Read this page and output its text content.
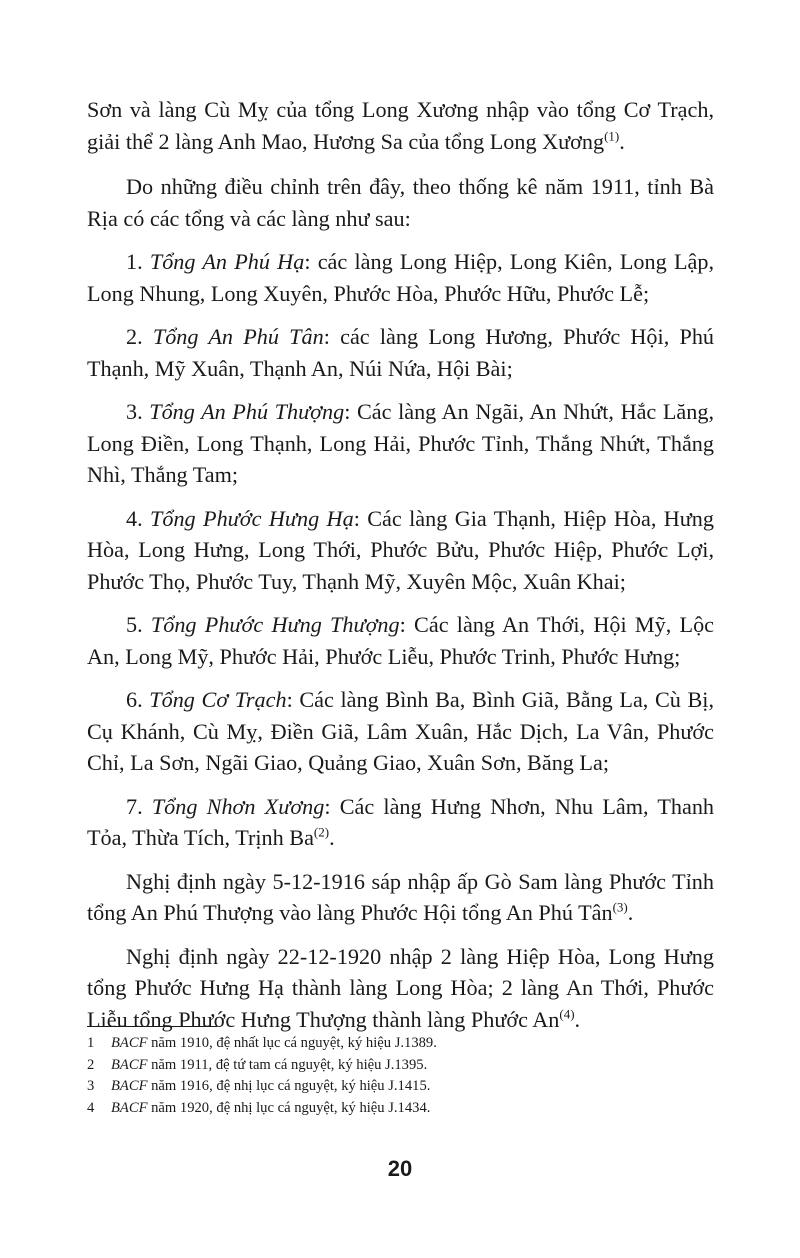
Sơn và làng Cù Mỵ của tổng Long Xương nhập vào tổng Cơ Trạch, giải thể 2 làng Anh Mao, Hương Sa của tổng Long Xương$^{(1)}$.

Do những điều chỉnh trên đây, theo thống kê năm 1911, tỉnh Bà Rịa có các tổng và các làng như sau:

1. Tổng An Phú Hạ: các làng Long Hiệp, Long Kiên, Long Lập, Long Nhung, Long Xuyên, Phước Hòa, Phước Hữu, Phước Lễ;

2. Tổng An Phú Tân: các làng Long Hương, Phước Hội, Phú Thạnh, Mỹ Xuân, Thạnh An, Núi Nứa, Hội Bài;

3. Tổng An Phú Thượng: Các làng An Ngãi, An Nhứt, Hắc Lăng, Long Điền, Long Thạnh, Long Hải, Phước Tỉnh, Thắng Nhứt, Thắng Nhì, Thắng Tam;

4. Tổng Phước Hưng Hạ: Các làng Gia Thạnh, Hiệp Hòa, Hưng Hòa, Long Hưng, Long Thới, Phước Bửu, Phước Hiệp, Phước Lợi, Phước Thọ, Phước Tuy, Thạnh Mỹ, Xuyên Mộc, Xuân Khai;

5. Tổng Phước Hưng Thượng: Các làng An Thới, Hội Mỹ, Lộc An, Long Mỹ, Phước Hải, Phước Liễu, Phước Trinh, Phước Hưng;

6. Tổng Cơ Trạch: Các làng Bình Ba, Bình Giã, Bằng La, Cù Bị, Cụ Khánh, Cù Mỵ, Điền Giã, Lâm Xuân, Hắc Dịch, La Vân, Phước Chỉ, La Sơn, Ngãi Giao, Quảng Giao, Xuân Sơn, Băng La;

7. Tổng Nhơn Xương: Các làng Hưng Nhơn, Nhu Lâm, Thanh Tỏa, Thừa Tích, Trịnh Ba$^{(2)}$.

Nghị định ngày 5-12-1916 sáp nhập ấp Gò Sam làng Phước Tỉnh tổng An Phú Thượng vào làng Phước Hội tổng An Phú Tân$^{(3)}$.

Nghị định ngày 22-12-1920 nhập 2 làng Hiệp Hòa, Long Hưng tổng Phước Hưng Hạ thành làng Long Hòa; 2 làng An Thới, Phước Liễu tổng Phước Hưng Thượng thành làng Phước An$^{(4)}$.

1	BACF năm 1910, đệ nhất lục cá nguyệt, ký hiệu J.1389.
2	BACF năm 1911, đệ tứ tam cá nguyệt, ký hiệu J.1395.
3	BACF năm 1916, đệ nhị lục cá nguyệt, ký hiệu J.1415.
4	BACF năm 1920, đệ nhị lục cá nguyệt, ký hiệu J.1434.
20
